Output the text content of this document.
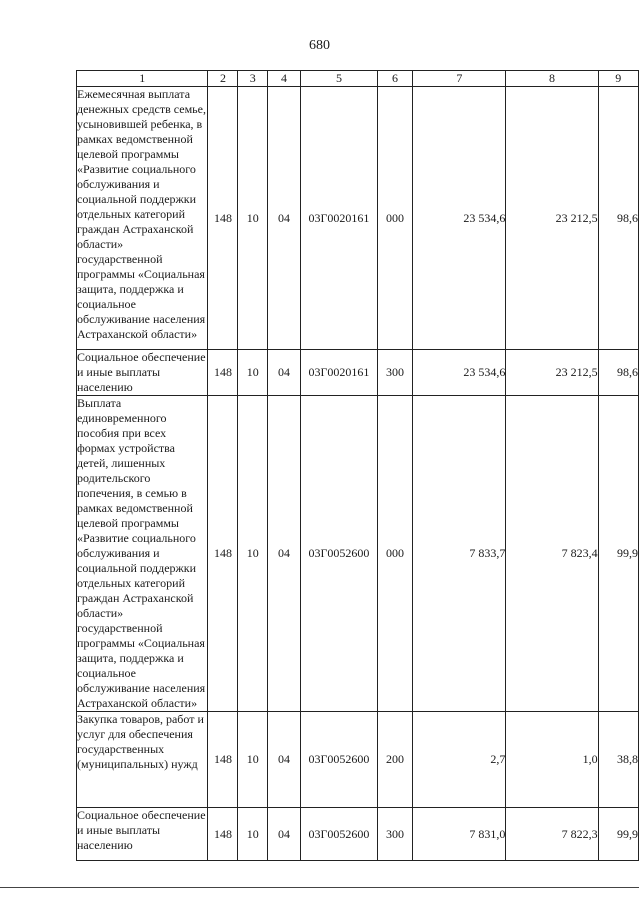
680
1	2	3	4	5	6	7	8	9
Ежемесячная выплата денежных средств семье, усыновившей ребенка, в рамках ведомственной целевой программы «Развитие социального обслуживания и социальной поддержки отдельных категорий граждан Астраханской области» государственной программы «Социальная защита, поддержка и социальное обслуживание населения Астраханской области»	148	10	04	03Г0020161	000	23 534,6	23 212,5	98,6
Социальное обеспечение и иные выплаты населению	148	10	04	03Г0020161	300	23 534,6	23 212,5	98,6
Выплата единовременного пособия при всех формах устройства детей, лишенных родительского попечения, в семью в рамках ведомственной целевой программы «Развитие социального обслуживания и социальной поддержки отдельных категорий граждан Астраханской области» государственной программы «Социальная защита, поддержка и социальное обслуживание населения Астраханской области»	148	10	04	03Г0052600	000	7 833,7	7 823,4	99,9
Закупка товаров, работ и услуг для обеспечения государственных (муниципальных) нужд	148	10	04	03Г0052600	200	2,7	1,0	38,8
Социальное обеспечение и иные выплаты населению	148	10	04	03Г0052600	300	7 831,0	7 822,3	99,9
